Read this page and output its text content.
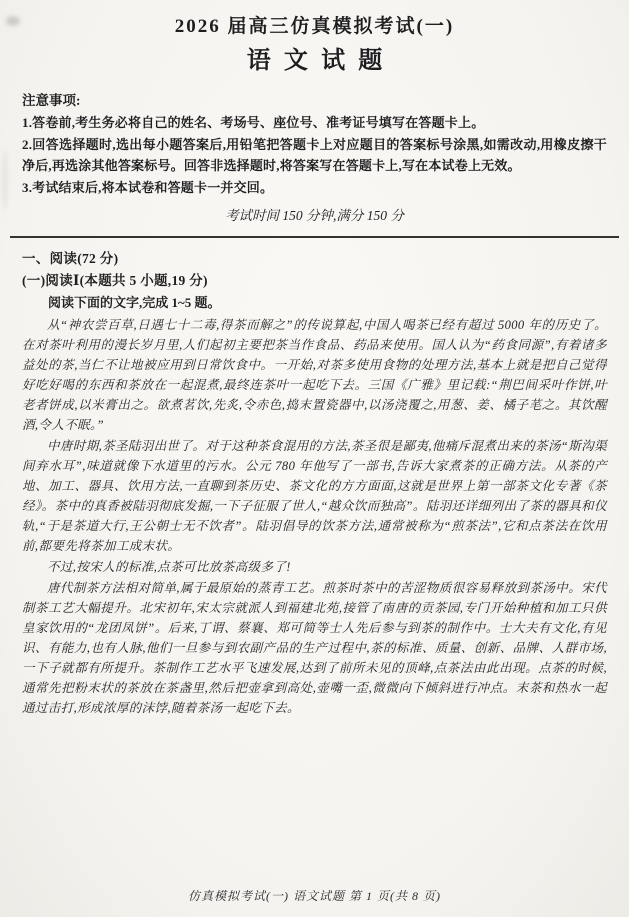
2026 届高三仿真模拟考试(一)
语文试题
注意事项:

1.答卷前,考生务必将自己的姓名、考场号、座位号、准考证号填写在答题卡上。

2.回答选择题时,选出每小题答案后,用铅笔把答题卡上对应题目的答案标号涂黑,如需改动,用橡皮擦干净后,再选涂其他答案标号。回答非选择题时,将答案写在答题卡上,写在本试卷上无效。

3.考试结束后,将本试卷和答题卡一并交回。

考试时间 150 分钟,满分 150 分
一、阅读(72 分)
(一)阅读Ⅰ(本题共 5 小题,19 分)
阅读下面的文字,完成 1~5 题。

从“神农尝百草,日遇七十二毒,得茶而解之”的传说算起,中国人喝茶已经有超过 5000 年的历史了。在对茶叶利用的漫长岁月里,人们起初主要把茶当作食品、药品来使用。国人认为“药食同源”,有着诸多益处的茶,当仁不让地被应用到日常饮食中。一开始,对茶多使用食物的处理方法,基本上就是把自己觉得好吃好喝的东西和茶放在一起混煮,最终连茶叶一起吃下去。三国《广雅》里记载:“荆巴间采叶作饼,叶老者饼成,以米膏出之。欲煮茗饮,先炙,令赤色,捣末置瓷器中,以汤浇覆之,用葱、姜、橘子芼之。其饮醒酒,令人不眠。”

中唐时期,茶圣陆羽出世了。对于这种茶食混用的方法,茶圣很是鄙夷,他痛斥混煮出来的茶汤“斯沟渠间弃水耳”,味道就像下水道里的污水。公元 780 年他写了一部书,告诉大家煮茶的正确方法。从茶的产地、加工、器具、饮用方法,一直聊到茶历史、茶文化的方方面面,这就是世界上第一部茶文化专著《茶经》。茶中的真香被陆羽彻底发掘,一下子征服了世人,“越众饮而独高”。陆羽还详细列出了茶的器具和仪轨,“于是茶道大行,王公朝士无不饮者”。陆羽倡导的饮茶方法,通常被称为“煎茶法”,它和点茶法在饮用前,都要先将茶加工成末状。

不过,按宋人的标准,点茶可比放茶高级多了!

唐代制茶方法相对简单,属于最原始的蒸青工艺。煎茶时茶中的苦涩物质很容易释放到茶汤中。宋代制茶工艺大幅提升。北宋初年,宋太宗就派人到福建北苑,接管了南唐的贡茶园,专门开始种植和加工只供皇家饮用的“龙团凤饼”。后来,丁谓、蔡襄、郑可简等士人先后参与到茶的制作中。士大夫有文化,有见识、有能力,也有人脉,他们一旦参与到农副产品的生产过程中,茶的标准、质量、创新、品牌、人群市场,一下子就都有所提升。茶制作工艺水平飞速发展,达到了前所未见的顶峰,点茶法由此出现。点茶的时候,通常先把粉末状的茶放在茶盏里,然后把壶拿到高处,壶嘴一歪,微微向下倾斜进行冲点。末茶和热水一起通过击打,形成浓厚的沫饽,随着茶汤一起吃下去。

仿真模拟考试(一) 语文试题 第 1 页(共 8 页)
